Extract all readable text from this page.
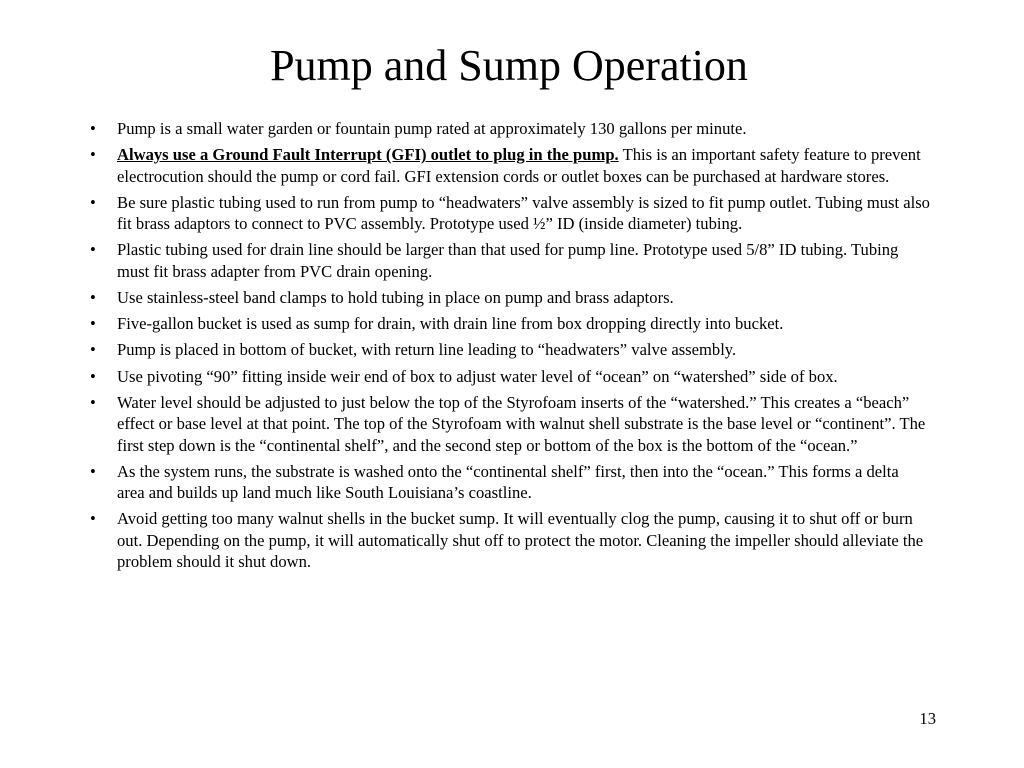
Pump and Sump Operation
• Pump is a small water garden or fountain pump rated at approximately 130 gallons per minute.
• Always use a Ground Fault Interrupt (GFI) outlet to plug in the pump. This is an important safety feature to prevent electrocution should the pump or cord fail. GFI extension cords or outlet boxes can be purchased at hardware stores.
• Be sure plastic tubing used to run from pump to “headwaters” valve assembly is sized to fit pump outlet. Tubing must also fit brass adaptors to connect to PVC assembly. Prototype used ½” ID (inside diameter) tubing.
• Plastic tubing used for drain line should be larger than that used for pump line. Prototype used 5/8” ID tubing. Tubing must fit brass adapter from PVC drain opening.
• Use stainless-steel band clamps to hold tubing in place on pump and brass adaptors.
• Five-gallon bucket is used as sump for drain, with drain line from box dropping directly into bucket.
• Pump is placed in bottom of bucket, with return line leading to “headwaters” valve assembly.
• Use pivoting “90” fitting inside weir end of box to adjust water level of “ocean” on “watershed” side of box.
• Water level should be adjusted to just below the top of the Styrofoam inserts of the “watershed.” This creates a “beach” effect or base level at that point. The top of the Styrofoam with walnut shell substrate is the base level or “continent”. The first step down is the “continental shelf”, and the second step or bottom of the box is the bottom of the “ocean.”
• As the system runs, the substrate is washed onto the “continental shelf” first, then into the “ocean.” This forms a delta area and builds up land much like South Louisiana’s coastline.
• Avoid getting too many walnut shells in the bucket sump. It will eventually clog the pump, causing it to shut off or burn out. Depending on the pump, it will automatically shut off to protect the motor. Cleaning the impeller should alleviate the problem should it shut down.
13
